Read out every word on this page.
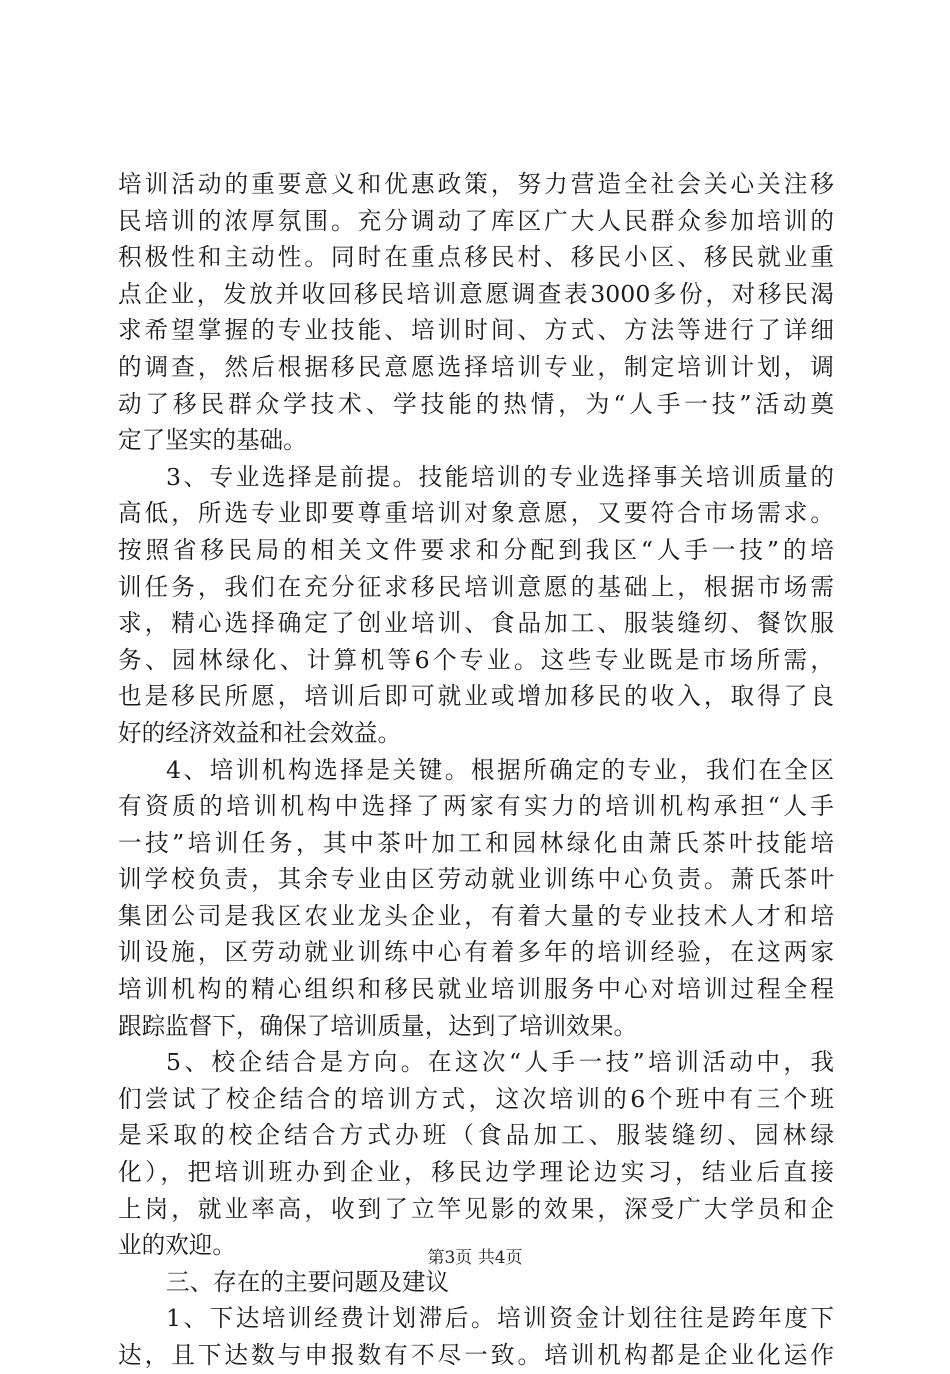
培训活动的重要意义和优惠政策，努力营造全社会关心关注移
民培训的浓厚氛围。充分调动了库区广大人民群众参加培训的
积极性和主动性。同时在重点移民村、移民小区、移民就业重
点企业，发放并收回移民培训意愿调查表3000多份，对移民渴
求希望掌握的专业技能、培训时间、方式、方法等进行了详细
的调查，然后根据移民意愿选择培训专业，制定培训计划，调
动了移民群众学技术、学技能的热情，为“人手一技”活动奠
定了坚实的基础。
3、专业选择是前提。技能培训的专业选择事关培训质量的
高低，所选专业即要尊重培训对象意愿，又要符合市场需求。
按照省移民局的相关文件要求和分配到我区“人手一技”的培
训任务，我们在充分征求移民培训意愿的基础上，根据市场需
求，精心选择确定了创业培训、食品加工、服装缝纫、餐饮服
务、园林绿化、计算机等6个专业。这些专业既是市场所需，
也是移民所愿，培训后即可就业或增加移民的收入，取得了良
好的经济效益和社会效益。
4、培训机构选择是关键。根据所确定的专业，我们在全区
有资质的培训机构中选择了两家有实力的培训机构承担“人手
一技”培训任务，其中茶叶加工和园林绿化由萧氏茶叶技能培
训学校负责，其余专业由区劳动就业训练中心负责。萧氏茶叶
集团公司是我区农业龙头企业，有着大量的专业技术人才和培
训设施，区劳动就业训练中心有着多年的培训经验，在这两家
培训机构的精心组织和移民就业培训服务中心对培训过程全程
跟踪监督下，确保了培训质量，达到了培训效果。
5、校企结合是方向。在这次“人手一技”培训活动中，我
们尝试了校企结合的培训方式，这次培训的6个班中有三个班
是采取的校企结合方式办班（食品加工、服装缝纫、园林绿
化），把培训班办到企业，移民边学理论边实习，结业后直接
上岗，就业率高，收到了立竿见影的效果，深受广大学员和企
业的欢迎。
三、存在的主要问题及建议
1、下达培训经费计划滞后。培训资金计划往往是跨年度下
达，且下达数与申报数有不尽一致。培训机构都是企业化运作
第3页 共4页
